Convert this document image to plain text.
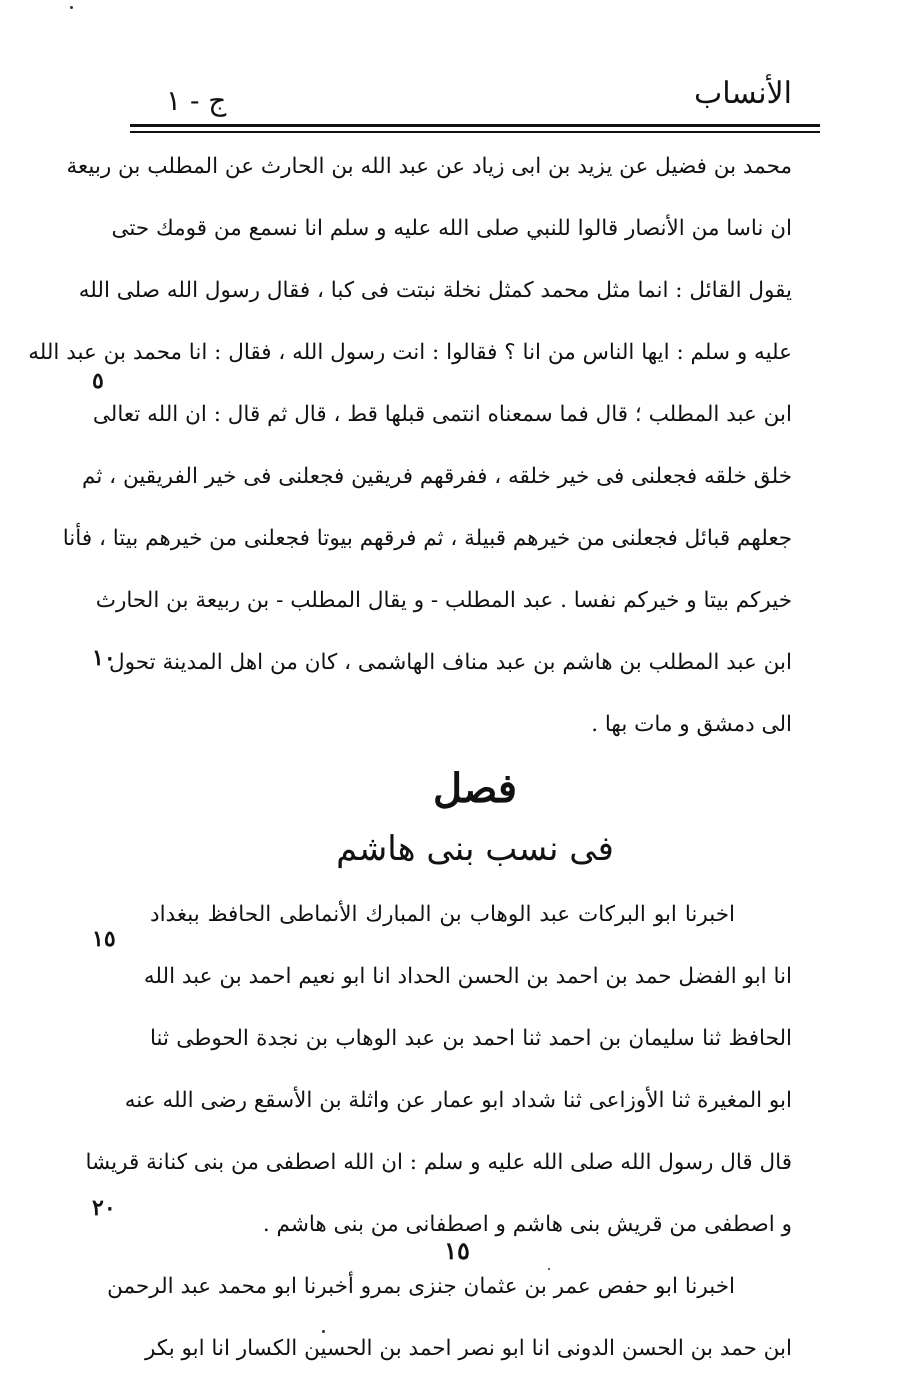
الأنساب
ج - ١
محمد بن فضيل عن يزيد بن ابی زیاد عن عبد الله بن الحارث عن المطلب بن ربيعة
ان ناسا من الأنصار قالوا للنبي صلى الله عليه و سلم انا نسمع من قومك حتى
يقول القائل : انما مثل محمد كمثل نخلة نبتت فى كبا ، فقال رسول الله صلى الله
عليه و سلم : ايها الناس من انا ؟ فقالوا : انت رسول الله ، فقال : انا محمد بن عبد الله
ابن عبد المطلب ؛ قال فما سمعناه انتمى قبلها قط ، قال ثم قال : ان الله تعالى
خلق خلقه فجعلنى فى خير خلقه ، ففرقهم فريقين فجعلنى فى خير الفريقين ، ثم
جعلهم قبائل فجعلنى من خيرهم قبيلة ، ثم فرقهم بيوتا فجعلنى من خيرهم بيتا ، فأنا
خيركم بيتا و خيركم نفسا . عبد المطلب - و يقال المطلب - بن ربيعة بن الحارث
ابن عبد المطلب بن هاشم بن عبد مناف الهاشمى ، كان من اهل المدينة تحول
الى دمشق و مات بها .
فصل
فى نسب بنى هاشم
اخبرنا ابو البركات عبد الوهاب بن المبارك الأنماطى الحافظ ببغداد
انا ابو الفضل حمد بن احمد بن الحسن الحداد انا ابو نعيم احمد بن عبد الله
الحافظ ثنا سليمان بن احمد ثنا احمد بن عبد الوهاب بن نجدة الحوطى ثنا
ابو المغيرة ثنا الأوزاعى ثنا شداد ابو عمار عن واثلة بن الأسقع رضى الله عنه
قال قال رسول الله صلى الله عليه و سلم : ان الله اصطفى من بنى كنانة قريشا
و اصطفى من قريش بنى هاشم و اصطفانى من بنى هاشم .
اخبرنا ابو حفص عمر بن عثمان جنزى بمرو أخبرنا ابو محمد عبد الرحمن
ابن حمد بن الحسن الدونى انا ابو نصر احمد بن الحسين الكسار انا ابو بكر
٥
١٠
١٥
٢٠
١٥
